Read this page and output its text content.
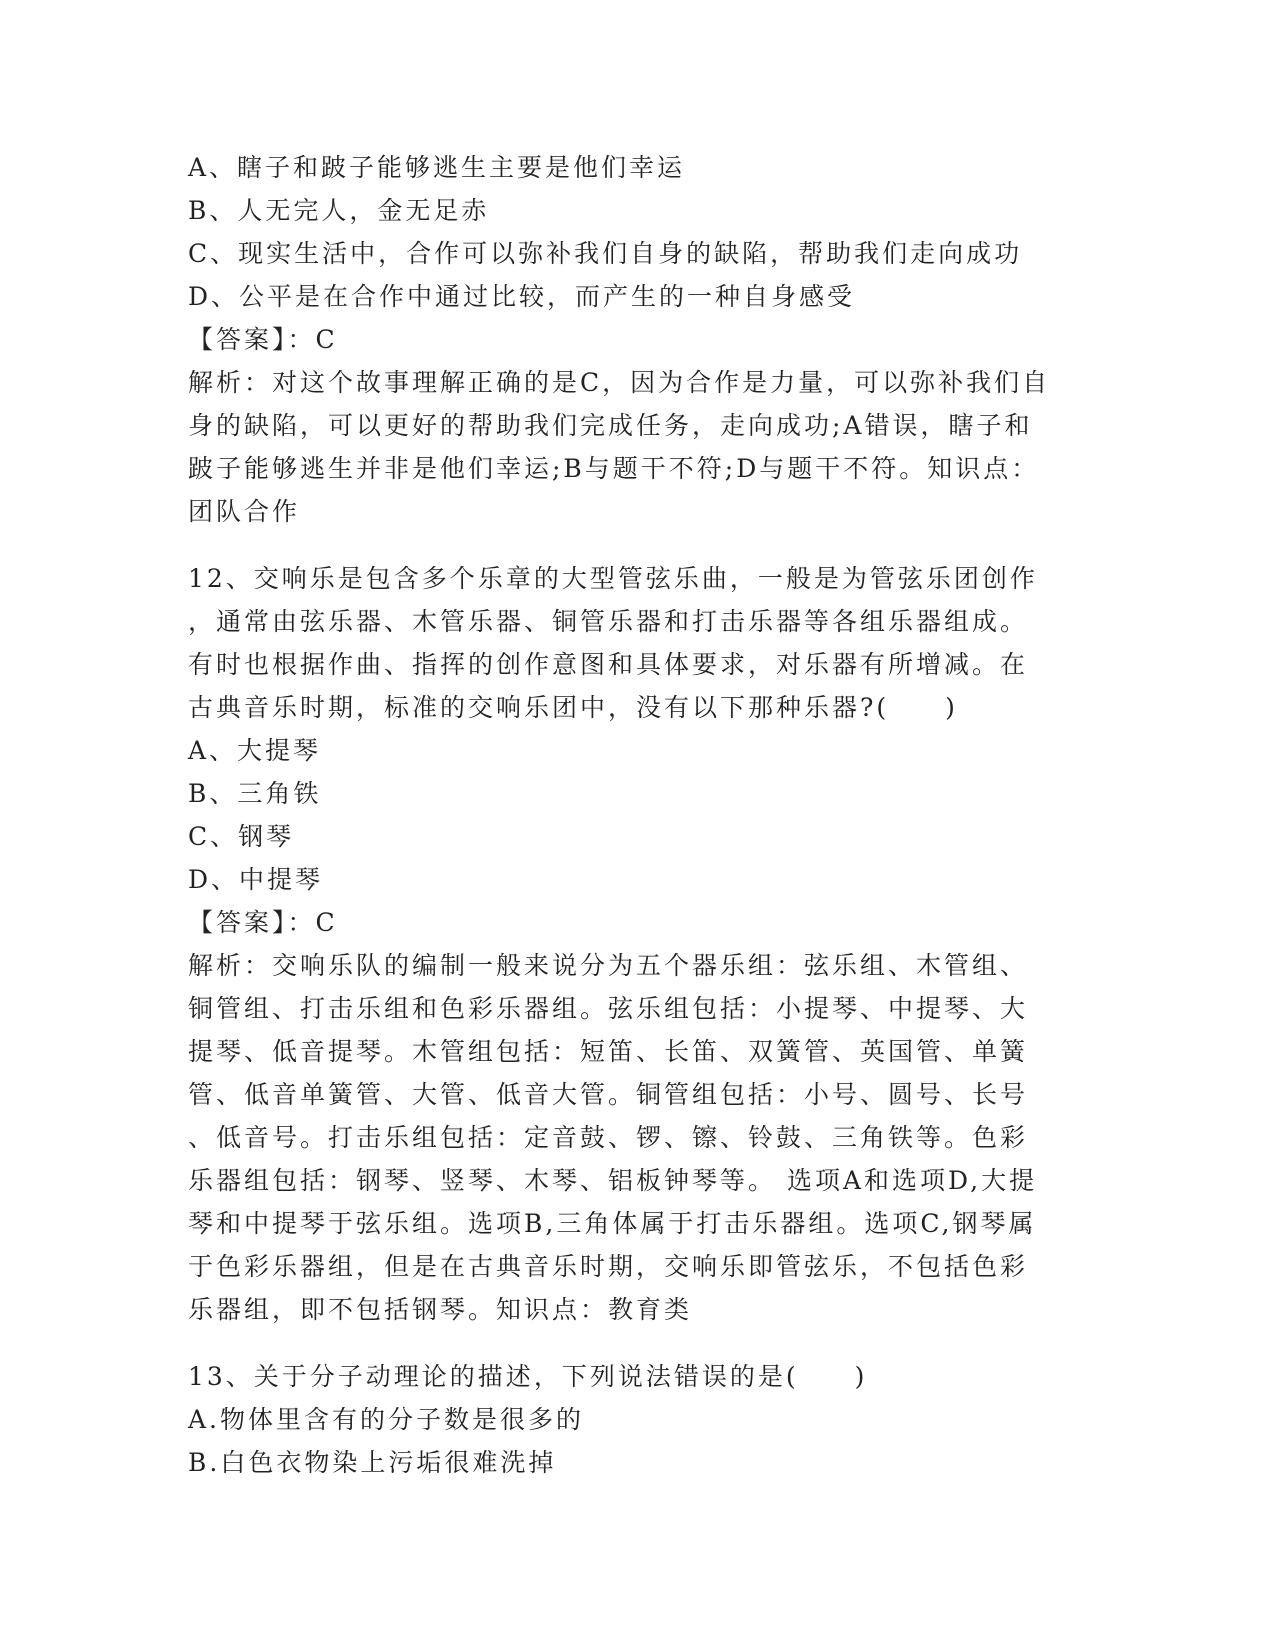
A、瞎子和跛子能够逃生主要是他们幸运
B、人无完人，金无足赤
C、现实生活中，合作可以弥补我们自身的缺陷，帮助我们走向成功
D、公平是在合作中通过比较，而产生的一种自身感受
【答案】：C
解析：对这个故事理解正确的是C，因为合作是力量，可以弥补我们自
身的缺陷，可以更好的帮助我们完成任务，走向成功;A错误，瞎子和
跛子能够逃生并非是他们幸运;B与题干不符;D与题干不符。知识点：
团队合作
12、交响乐是包含多个乐章的大型管弦乐曲，一般是为管弦乐团创作
，通常由弦乐器、木管乐器、铜管乐器和打击乐器等各组乐器组成。
有时也根据作曲、指挥的创作意图和具体要求，对乐器有所增减。在
古典音乐时期，标准的交响乐团中，没有以下那种乐器?(　　)
A、大提琴
B、三角铁
C、钢琴
D、中提琴
【答案】：C
解析：交响乐队的编制一般来说分为五个器乐组：弦乐组、木管组、
铜管组、打击乐组和色彩乐器组。弦乐组包括：小提琴、中提琴、大
提琴、低音提琴。木管组包括：短笛、长笛、双簧管、英国管、单簧
管、低音单簧管、大管、低音大管。铜管组包括：小号、圆号、长号
、低音号。打击乐组包括：定音鼓、锣、镲、铃鼓、三角铁等。色彩
乐器组包括：钢琴、竖琴、木琴、铝板钟琴等。 选项A和选项D,大提
琴和中提琴于弦乐组。选项B,三角体属于打击乐器组。选项C,钢琴属
于色彩乐器组，但是在古典音乐时期，交响乐即管弦乐，不包括色彩
乐器组，即不包括钢琴。知识点：教育类
13、关于分子动理论的描述，下列说法错误的是(　　)
A.物体里含有的分子数是很多的
B.白色衣物染上污垢很难洗掉
